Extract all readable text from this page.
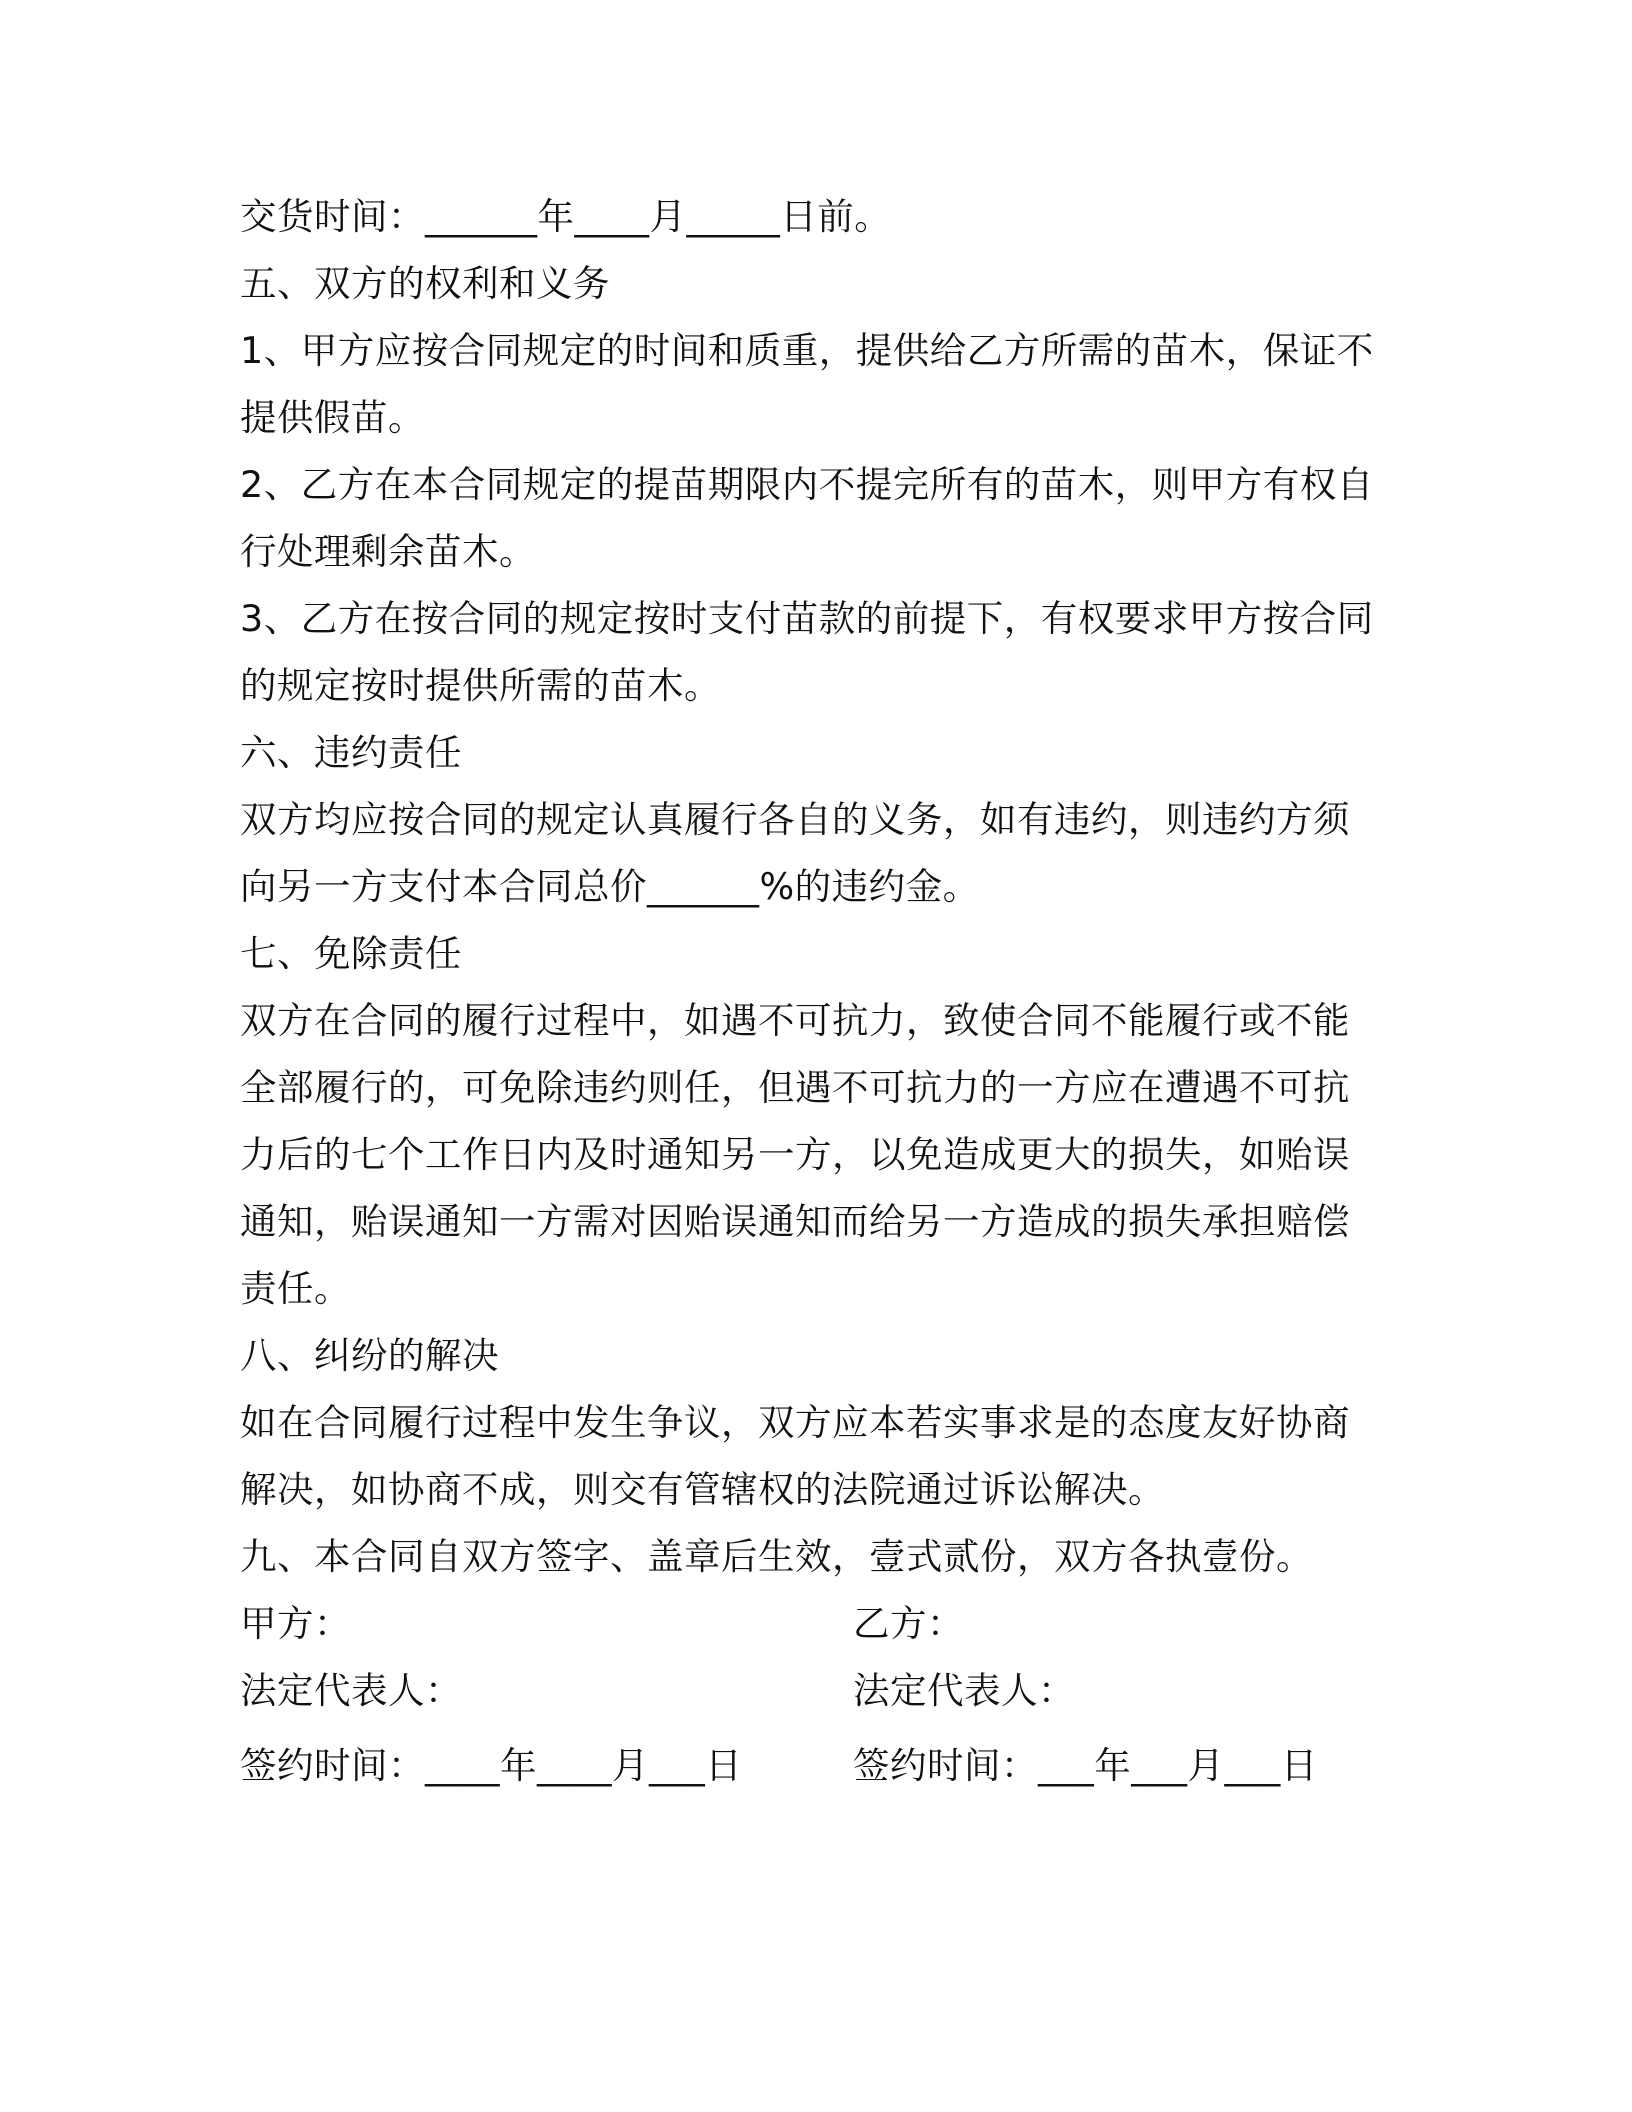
交货时间：______年____月_____日前。
五、双方的权利和义务
1、甲方应按合同规定的时间和质重，提供给乙方所需的苗木，保证不
提供假苗。
2、乙方在本合同规定的提苗期限内不提完所有的苗木，则甲方有权自
行处理剩余苗木。
3、乙方在按合同的规定按时支付苗款的前提下，有权要求甲方按合同
的规定按时提供所需的苗木。
六、违约责任
双方均应按合同的规定认真履行各自的义务，如有违约，则违约方须
向另一方支付本合同总价______%的违约金。
七、免除责任
双方在合同的履行过程中，如遇不可抗力，致使合同不能履行或不能
全部履行的，可免除违约则任，但遇不可抗力的一方应在遭遇不可抗
力后的七个工作日内及时通知另一方，以免造成更大的损失，如贻误
通知，贻误通知一方需对因贻误通知而给另一方造成的损失承担赔偿
责任。
八、纠纷的解决
如在合同履行过程中发生争议，双方应本若实事求是的态度友好协商
解决，如协商不成，则交有管辖权的法院通过诉讼解决。
九、本合同自双方签字、盖章后生效，壹式贰份，双方各执壹份。
甲方：	乙方：
法定代表人：	法定代表人：
签约时间：____年____月___日	签约时间：___年___月___日
